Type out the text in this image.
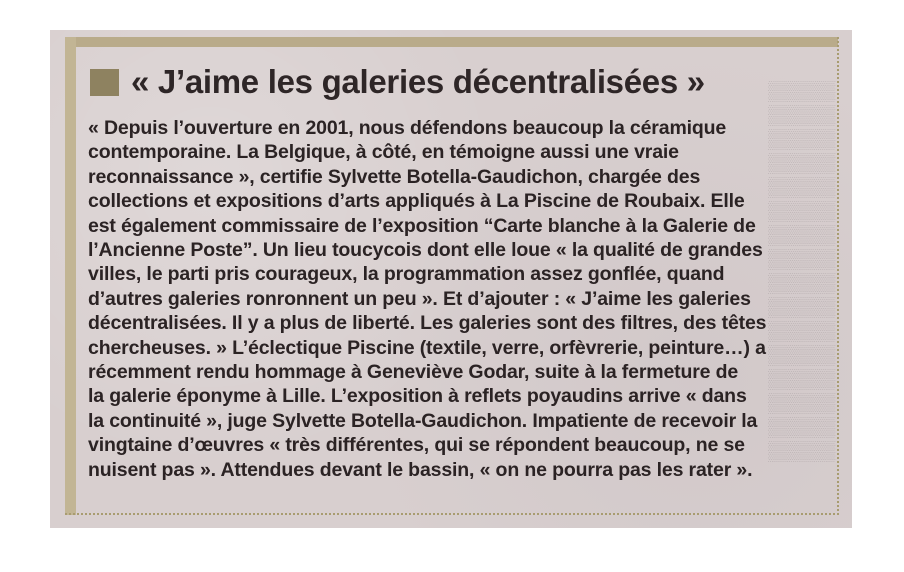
▒▒▒▒▒
▒▒▒▒▒
▒▒▒▒▒
▒▒▒▒▒
▒▒▒▒▒
▒▒▒▒▒
▒▒▒▒▒
▒▒▒▒▒
▒▒▒▒▒
▒▒▒▒▒
▒▒▒▒▒
▒▒▒▒▒
▒▒▒▒▒
▒▒▒▒▒
▒▒▒▒▒
▒▒▒▒▒
« J’aime les galeries décentralisées »
« Depuis l’ouverture en 2001, nous défendons beaucoup la céramique
contemporaine. La Belgique, à côté, en témoigne aussi une vraie
reconnaissance », certifie Sylvette Botella-Gaudichon, chargée des
collections et expositions d’arts appliqués à La Piscine de Roubaix. Elle
est également commissaire de l’exposition “Carte blanche à la Galerie de
l’Ancienne Poste”. Un lieu toucycois dont elle loue « la qualité de grandes
villes, le parti pris courageux, la programmation assez gonflée, quand
d’autres galeries ronronnent un peu ». Et d’ajouter : « J’aime les galeries
décentralisées. Il y a plus de liberté. Les galeries sont des filtres, des têtes
chercheuses. » L’éclectique Piscine (textile, verre, orfèvrerie, peinture…) a
récemment rendu hommage à Geneviève Godar, suite à la fermeture de
la galerie éponyme à Lille. L’exposition à reflets poyaudins arrive « dans
la continuité », juge Sylvette Botella-Gaudichon. Impatiente de recevoir la
vingtaine d’œuvres « très différentes, qui se répondent beaucoup, ne se
nuisent pas ». Attendues devant le bassin, « on ne pourra pas les rater ».
